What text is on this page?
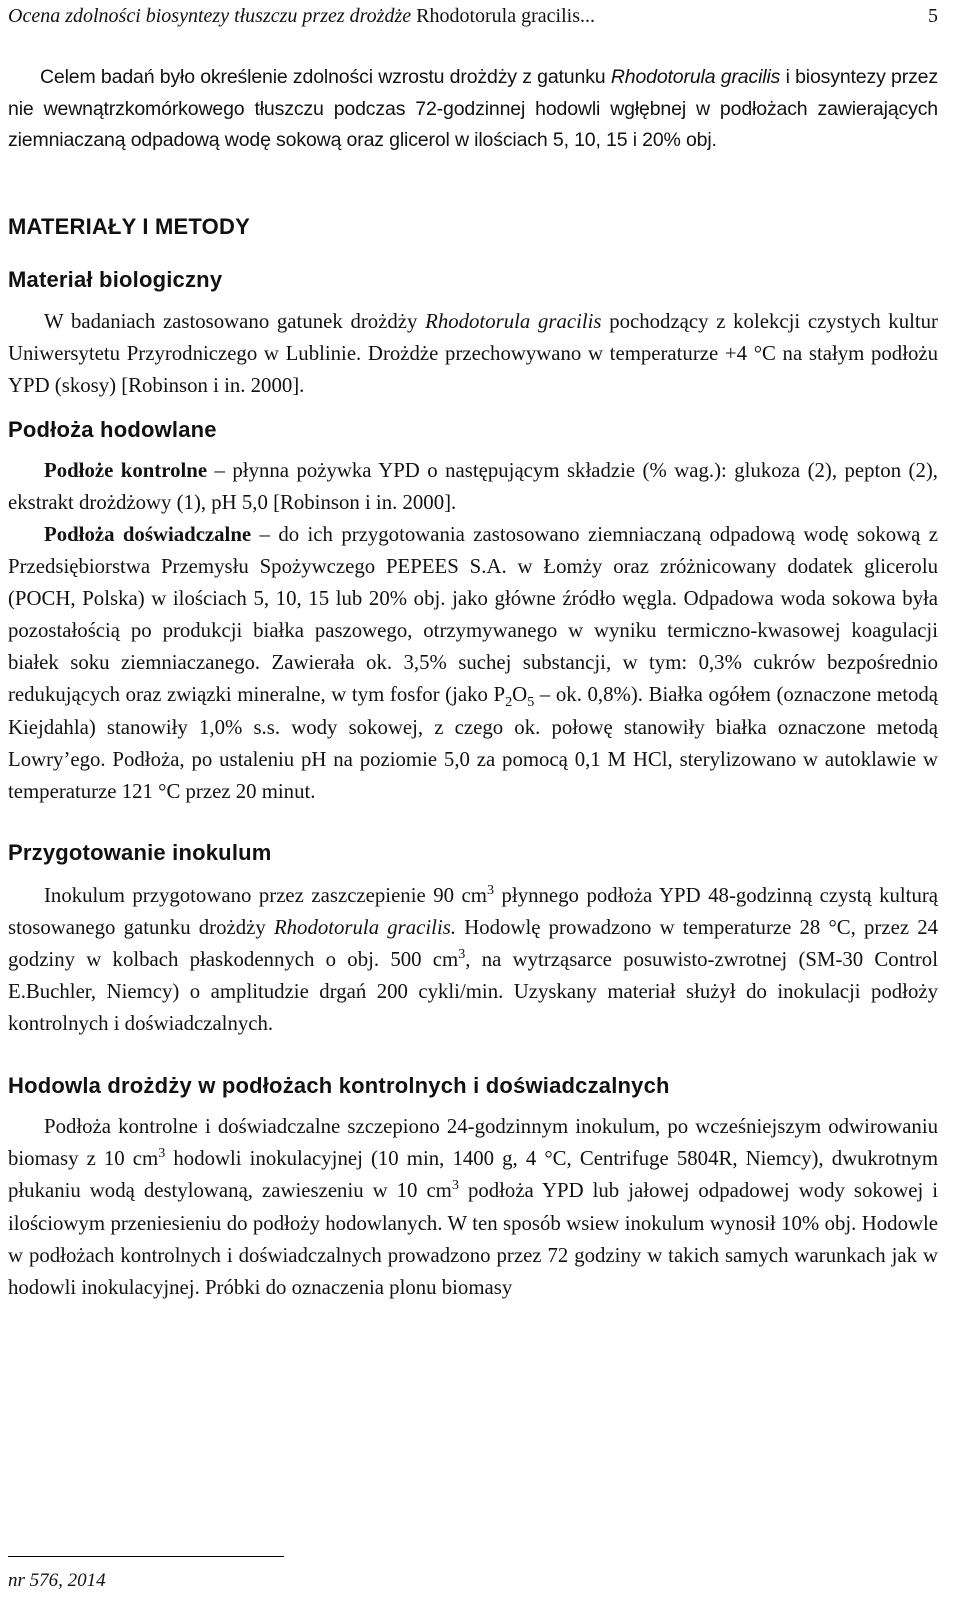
Ocena zdolności biosyntezy tłuszczu przez drożdże Rhodotorula gracilis...	5

Celem badań było określenie zdolności wzrostu drożdży z gatunku Rhodotorula gracilis i biosyntezy przez nie wewnątrzkomórkowego tłuszczu podczas 72-godzinnej hodowli wgłębnej w podłożach zawierających ziemniaczaną odpadową wodę sokową oraz glicerol w ilościach 5, 10, 15 i 20% obj.

MATERIAŁY I METODY
Materiał biologiczny

W badaniach zastosowano gatunek drożdży Rhodotorula gracilis pochodzący z kolekcji czystych kultur Uniwersytetu Przyrodniczego w Lublinie. Drożdże przechowywano w temperaturze +4 °C na stałym podłożu YPD (skosy) [Robinson i in. 2000].

Podłoża hodowlane

Podłoże kontrolne – płynna pożywka YPD o następującym składzie (% wag.): glukoza (2), pepton (2), ekstrakt drożdżowy (1), pH 5,0 [Robinson i in. 2000].

Podłoża doświadczalne – do ich przygotowania zastosowano ziemniaczaną odpadową wodę sokową z Przedsiębiorstwa Przemysłu Spożywczego PEPEES S.A. w Łomży oraz zróżnicowany dodatek glicerolu (POCH, Polska) w ilościach 5, 10, 15 lub 20% obj. jako główne źródło węgla. Odpadowa woda sokowa była pozostałością po produkcji białka paszowego, otrzymywanego w wyniku termiczno-kwasowej koagulacji białek soku ziemniaczanego. Zawierała ok. 3,5% suchej substancji, w tym: 0,3% cukrów bezpośrednio redukujących oraz związki mineralne, w tym fosfor (jako $P_2O_5$ – ok. 0,8%). Białka ogółem (oznaczone metodą Kiejdahla) stanowiły 1,0% s.s. wody sokowej, z czego ok. połowę stanowiły białka oznaczone metodą Lowry’ego. Podłoża, po ustaleniu pH na poziomie 5,0 za pomocą 0,1 M HCl, sterylizowano w autoklawie w temperaturze 121 °C przez 20 minut.

Przygotowanie inokulum

Inokulum przygotowano przez zaszczepienie 90 $cm^3$ płynnego podłoża YPD 48-godzinną czystą kulturą stosowanego gatunku drożdży Rhodotorula gracilis. Hodowlę prowadzono w temperaturze 28 °C, przez 24 godziny w kolbach płaskodennych o obj. 500 $cm^3$, na wytrząsarce posuwisto-zwrotnej (SM-30 Control E.Buchler, Niemcy) o amplitudzie drgań 200 cykli/min. Uzyskany materiał służył do inokulacji podłoży kontrolnych i doświadczalnych.

Hodowla drożdży w podłożach kontrolnych i doświadczalnych

Podłoża kontrolne i doświadczalne szczepiono 24-godzinnym inokulum, po wcześniejszym odwirowaniu biomasy z 10 $cm^3$ hodowli inokulacyjnej (10 min, 1400 g, 4 °C, Centrifuge 5804R, Niemcy), dwukrotnym płukaniu wodą destylowaną, zawieszeniu w 10 $cm^3$ podłoża YPD lub jałowej odpadowej wody sokowej i ilościowym przeniesieniu do podłoży hodowlanych. W ten sposób wsiew inokulum wynosił 10% obj. Hodowle w podłożach kontrolnych i doświadczalnych prowadzono przez 72 godziny w takich samych warunkach jak w hodowli inokulacyjnej. Próbki do oznaczenia plonu biomasy

nr 576, 2014
